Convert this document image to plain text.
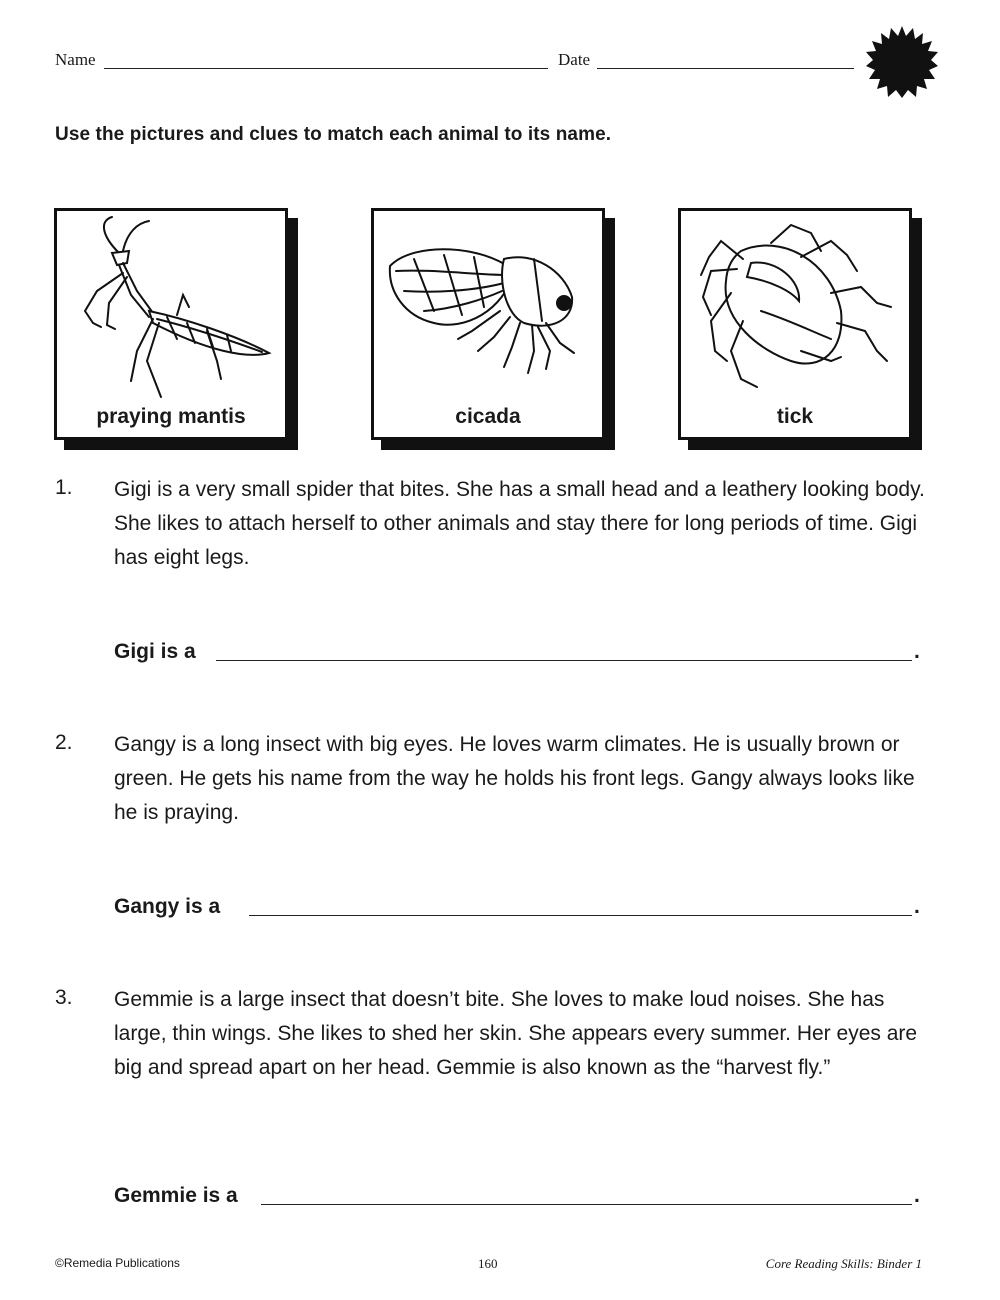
Name	Date
Use the pictures and clues to match each animal to its name.
praying mantis	cicada	tick
1. Gigi is a very small spider that bites. She has a small head and a leathery looking body. She likes to attach herself to other animals and stay there for long periods of time. Gigi has eight legs.
Gigi is a	.
2. Gangy is a long insect with big eyes. He loves warm climates. He is usually brown or green. He gets his name from the way he holds his front legs. Gangy always looks like he is praying.
Gangy is a	.
3. Gemmie is a large insect that doesn’t bite. She loves to make loud noises. She has large, thin wings. She likes to shed her skin. She appears every summer. Her eyes are big and spread apart on her head. Gemmie is also known as the “harvest fly.”
Gemmie is a	.
©Remedia Publications	160	Core Reading Skills: Binder 1
